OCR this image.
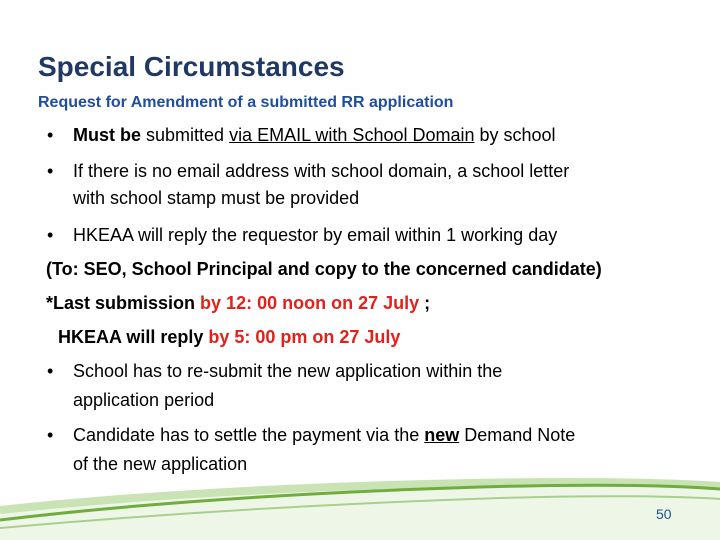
Special Circumstances
Request for Amendment of a submitted RR application
• Must be submitted via EMAIL with School Domain by school
• If there is no email address with school domain, a school letter
with school stamp must be provided
• HKEAA will reply the requestor by email within 1 working day
(To: SEO, School Principal and copy to the concerned candidate)
*Last submission by 12: 00 noon on 27 July ;
HKEAA will reply by 5: 00 pm on 27 July
• School has to re-submit the new application within the
application period
• Candidate has to settle the payment via the new Demand Note
of the new application
50
